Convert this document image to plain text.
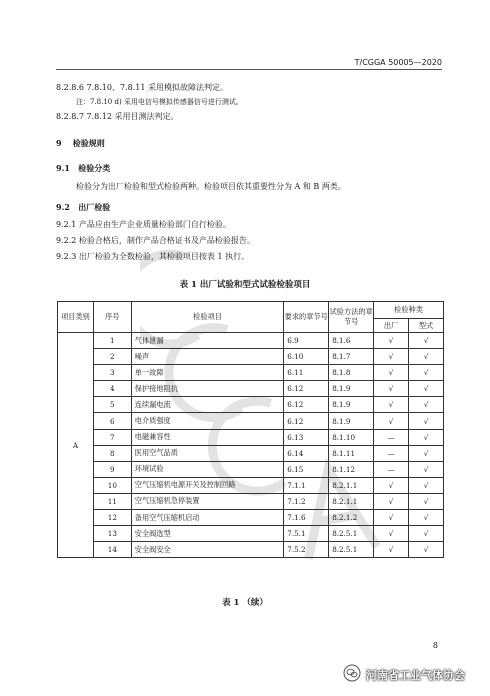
T/CGGA 50005—2020
8.2.8.6 7.8.10、7.8.11 采用模拟故障法判定。
注：7.8.10 d) 采用电信号模拟传感器信号进行测试。
8.2.8.7 7.8.12 采用目测法判定。
9 检验规则
9.1 检验分类
检验分为出厂检验和型式检验两种。检验项目依其重要性分为 A 和 B 两类。
9.2 出厂检验
9.2.1 产品应由生产企业质量检验部门自行检验。
9.2.2 检验合格后，制作产品合格证书及产品检验报告。
9.2.3 出厂检验为全数检验，其检验项目按表 1 执行。
表 1 出厂试验和型式试验检验项目
项目类别	序号	检验项目	要求的章节号	试验方法的章节号	检验种类	
					出厂	型式
A	1	气体泄漏	6.9	8.1.6	√	√
	2	噪声	6.10	8.1.7	√	√
	3	单一故障	6.11	8.1.8	√	√
	4	保护接地阻抗	6.12	8.1.9	√	√
	5	连续漏电流	6.12	8.1.9	√	√
	6	电介质强度	6.12	8.1.9	√	√
	7	电磁兼容性	6.13	8.1.10	—	√
	8	医用空气品质	6.14	8.1.11	—	√
	9	环境试验	6.15	8.1.12	—	√
	10	空气压缩机电源开关及控制回路	7.1.1	8.2.1.1	√	√
	11	空气压缩机急停装置	7.1.2	8.2.1.1	√	√
	12	备用空气压缩机启动	7.1.6	8.2.1.2	√	√
	13	安全阀选型	7.5.1	8.2.5.1	√	√
	14	安全阀安全	7.5.2	8.2.5.1	√	√
表 1 （续）
8
河南省工业气体协会
